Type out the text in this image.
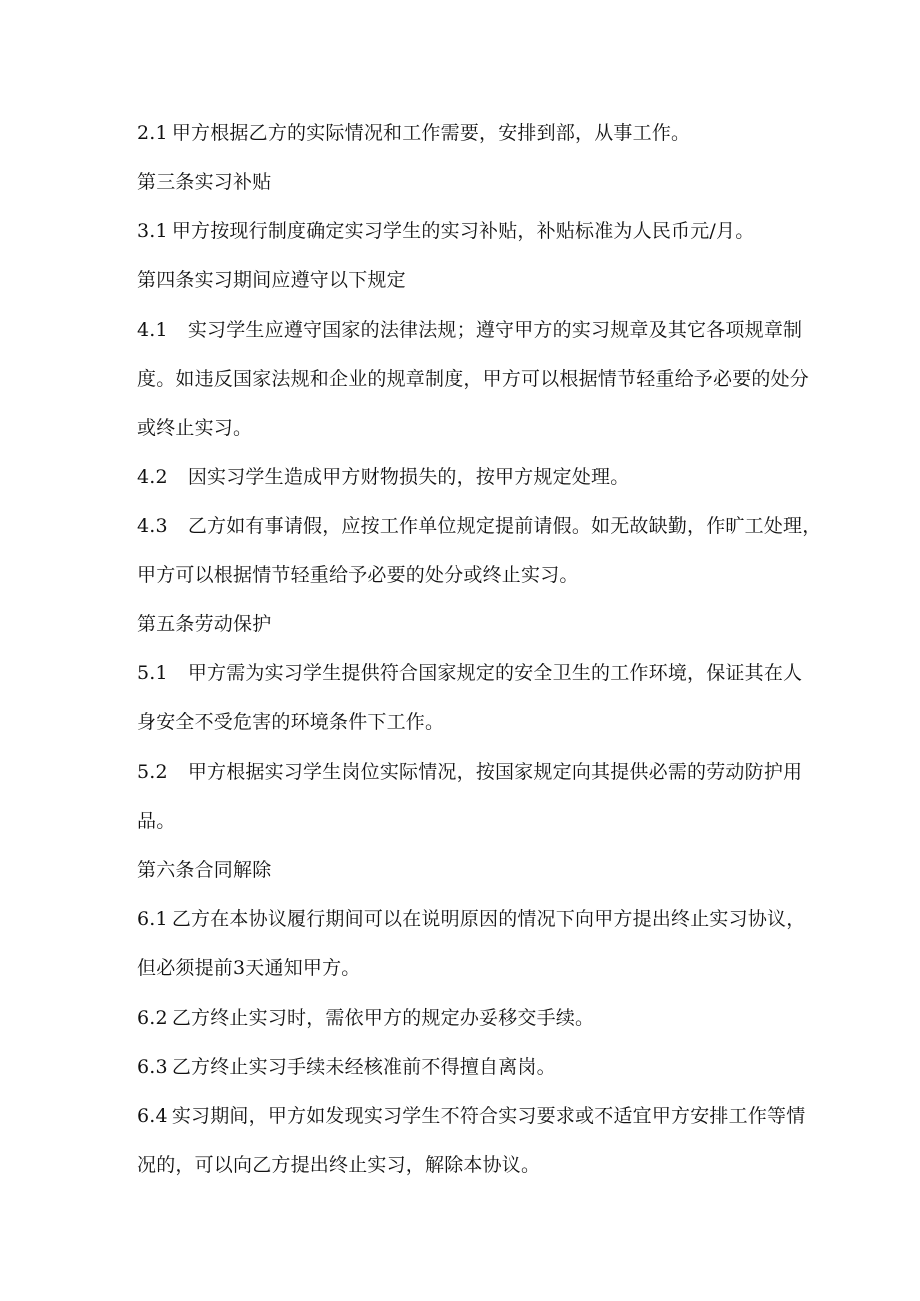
2.1 甲方根据乙方的实际情况和工作需要，安排到部，从事工作。
第三条实习补贴
3.1 甲方按现行制度确定实习学生的实习补贴，补贴标准为人民币元/月。
第四条实习期间应遵守以下规定
4.1 实习学生应遵守国家的法律法规；遵守甲方的实习规章及其它各项规章制
度。如违反国家法规和企业的规章制度，甲方可以根据情节轻重给予必要的处分
或终止实习。
4.2 因实习学生造成甲方财物损失的，按甲方规定处理。
4.3 乙方如有事请假，应按工作单位规定提前请假。如无故缺勤，作旷工处理，
甲方可以根据情节轻重给予必要的处分或终止实习。
第五条劳动保护
5.1 甲方需为实习学生提供符合国家规定的安全卫生的工作环境，保证其在人
身安全不受危害的环境条件下工作。
5.2 甲方根据实习学生岗位实际情况，按国家规定向其提供必需的劳动防护用
品。
第六条合同解除
6.1 乙方在本协议履行期间可以在说明原因的情况下向甲方提出终止实习协议，
但必须提前3天通知甲方。
6.2 乙方终止实习时，需依甲方的规定办妥移交手续。
6.3 乙方终止实习手续未经核准前不得擅自离岗。
6.4 实习期间，甲方如发现实习学生不符合实习要求或不适宜甲方安排工作等情
况的，可以向乙方提出终止实习，解除本协议。
